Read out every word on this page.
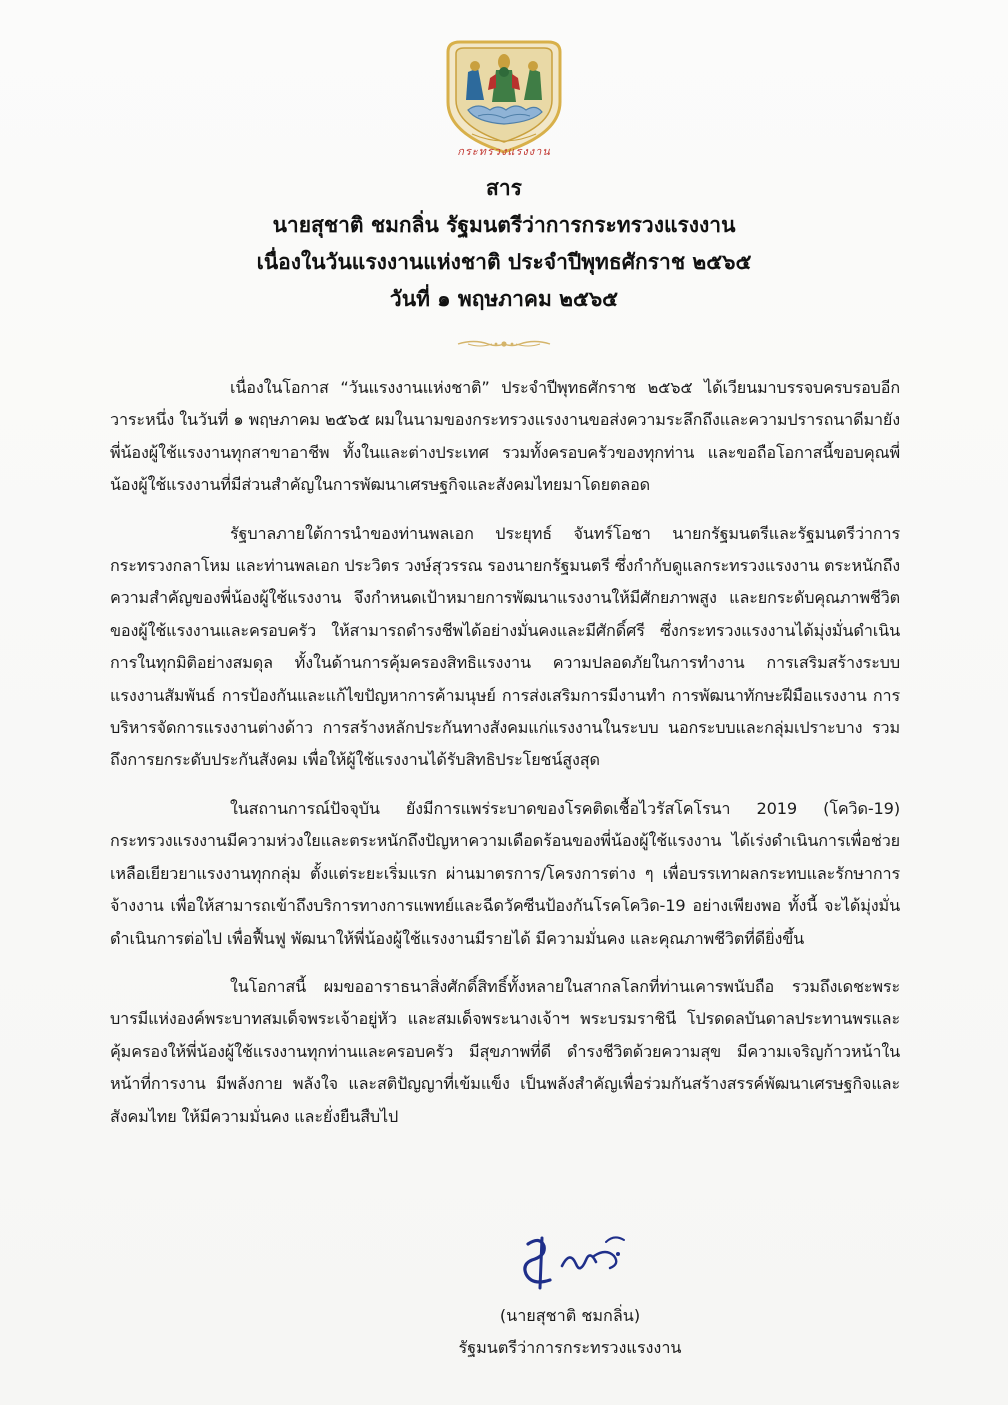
กระทรวงแรงงาน
สาร
นายสุชาติ ชมกลิ่น รัฐมนตรีว่าการกระทรวงแรงงาน
เนื่องในวันแรงงานแห่งชาติ ประจำปีพุทธศักราช ๒๕๖๕
วันที่ ๑ พฤษภาคม ๒๕๖๕

เนื่องในโอกาส “วันแรงงานแห่งชาติ” ประจำปีพุทธศักราช ๒๕๖๕ ได้เวียนมาบรรจบครบรอบอีกวาระหนึ่ง ในวันที่ ๑ พฤษภาคม ๒๕๖๕ ผมในนามของกระทรวงแรงงานขอส่งความระลึกถึงและความปรารถนาดีมายังพี่น้องผู้ใช้แรงงานทุกสาขาอาชีพ ทั้งในและต่างประเทศ รวมทั้งครอบครัวของทุกท่าน และขอถือโอกาสนี้ขอบคุณพี่น้องผู้ใช้แรงงานที่มีส่วนสำคัญในการพัฒนาเศรษฐกิจและสังคมไทยมาโดยตลอด

รัฐบาลภายใต้การนำของท่านพลเอก ประยุทธ์ จันทร์โอชา นายกรัฐมนตรีและรัฐมนตรีว่าการกระทรวงกลาโหม และท่านพลเอก ประวิตร วงษ์สุวรรณ รองนายกรัฐมนตรี ซึ่งกำกับดูแลกระทรวงแรงงาน ตระหนักถึงความสำคัญของพี่น้องผู้ใช้แรงงาน จึงกำหนดเป้าหมายการพัฒนาแรงงานให้มีศักยภาพสูง และยกระดับคุณภาพชีวิตของผู้ใช้แรงงานและครอบครัว ให้สามารถดำรงชีพได้อย่างมั่นคงและมีศักดิ์ศรี ซึ่งกระทรวงแรงงานได้มุ่งมั่นดำเนินการในทุกมิติอย่างสมดุล ทั้งในด้านการคุ้มครองสิทธิแรงงาน ความปลอดภัยในการทำงาน การเสริมสร้างระบบแรงงานสัมพันธ์ การป้องกันและแก้ไขปัญหาการค้ามนุษย์ การส่งเสริมการมีงานทำ การพัฒนาทักษะฝีมือแรงงาน การบริหารจัดการแรงงานต่างด้าว การสร้างหลักประกันทางสังคมแก่แรงงานในระบบ นอกระบบและกลุ่มเปราะบาง รวมถึงการยกระดับประกันสังคม เพื่อให้ผู้ใช้แรงงานได้รับสิทธิประโยชน์สูงสุด

ในสถานการณ์ปัจจุบัน ยังมีการแพร่ระบาดของโรคติดเชื้อไวรัสโคโรนา 2019 (โควิด-19) กระทรวงแรงงานมีความห่วงใยและตระหนักถึงปัญหาความเดือดร้อนของพี่น้องผู้ใช้แรงงาน ได้เร่งดำเนินการเพื่อช่วยเหลือเยียวยาแรงงานทุกกลุ่ม ตั้งแต่ระยะเริ่มแรก ผ่านมาตรการ/โครงการต่าง ๆ เพื่อบรรเทาผลกระทบและรักษาการจ้างงาน เพื่อให้สามารถเข้าถึงบริการทางการแพทย์และฉีดวัคซีนป้องกันโรคโควิด-19 อย่างเพียงพอ ทั้งนี้ จะได้มุ่งมั่นดำเนินการต่อไป เพื่อฟื้นฟู พัฒนาให้พี่น้องผู้ใช้แรงงานมีรายได้ มีความมั่นคง และคุณภาพชีวิตที่ดียิ่งขึ้น

ในโอกาสนี้ ผมขออาราธนาสิ่งศักดิ์สิทธิ์ทั้งหลายในสากลโลกที่ท่านเคารพนับถือ รวมถึงเดชะพระบารมีแห่งองค์พระบาทสมเด็จพระเจ้าอยู่หัว และสมเด็จพระนางเจ้าฯ พระบรมราชินี โปรดดลบันดาลประทานพรและคุ้มครองให้พี่น้องผู้ใช้แรงงานทุกท่านและครอบครัว มีสุขภาพที่ดี ดำรงชีวิตด้วยความสุข มีความเจริญก้าวหน้าในหน้าที่การงาน มีพลังกาย พลังใจ และสติปัญญาที่เข้มแข็ง เป็นพลังสำคัญเพื่อร่วมกันสร้างสรรค์พัฒนาเศรษฐกิจและสังคมไทย ให้มีความมั่นคง และยั่งยืนสืบไป

(นายสุชาติ ชมกลิ่น)
รัฐมนตรีว่าการกระทรวงแรงงาน
